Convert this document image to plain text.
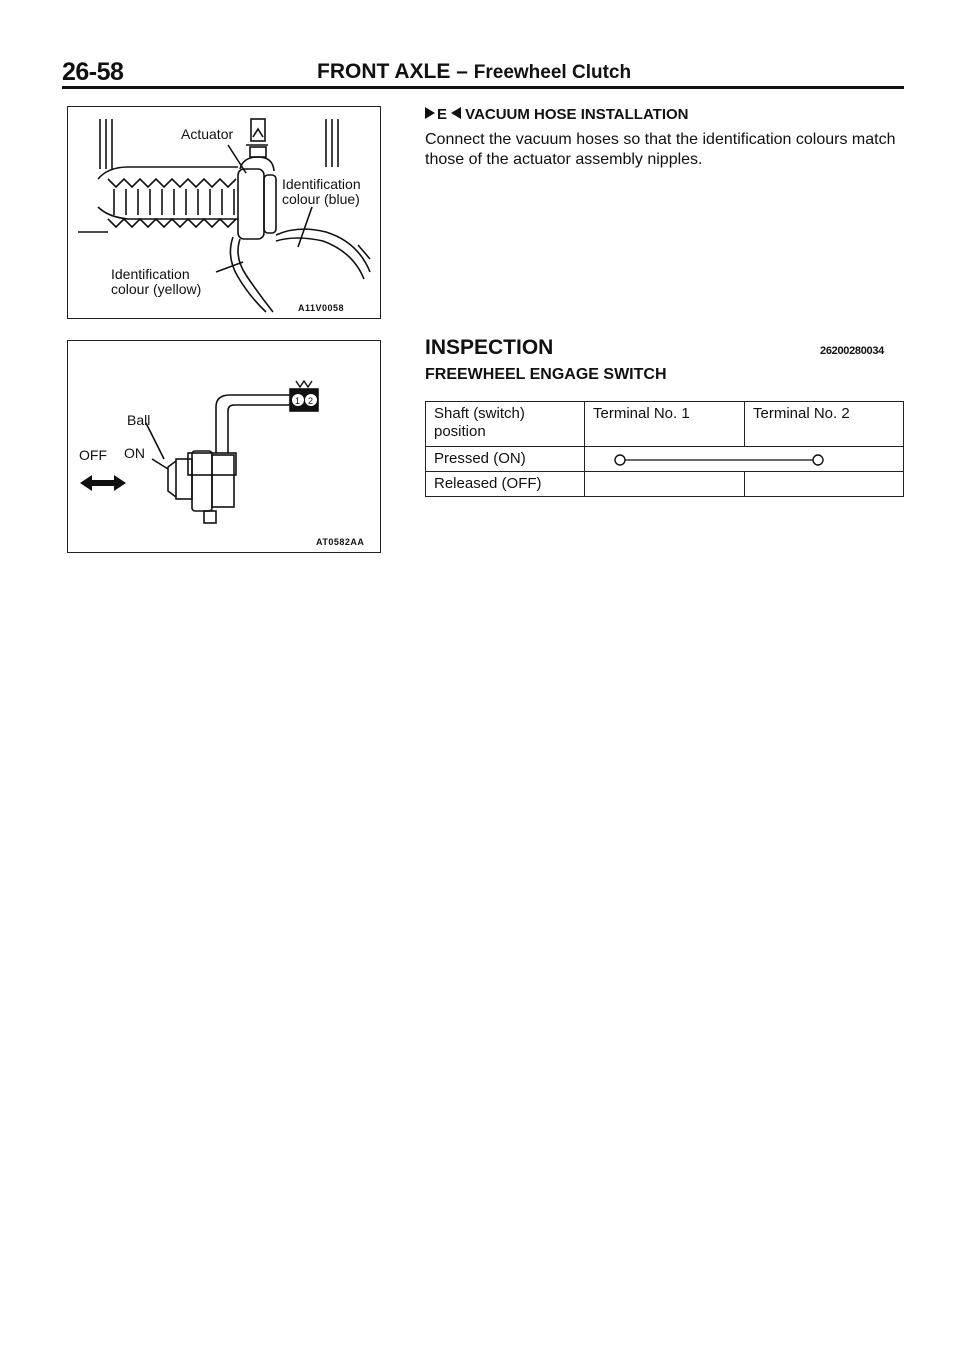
26-58	FRONT AXLE – Freewheel Clutch
Actuator
Identification
colour (blue)
Identification
colour (yellow)
A11V0058
1 2
Ball
OFF ON
AT0582AA

E VACUUM HOSE INSTALLATION
Connect the vacuum hoses so that the identification colours match those of the actuator assembly nipples.
INSPECTION	26200280034
FREEWHEEL ENGAGE SWITCH
Shaft (switch) position	Terminal No. 1	Terminal No. 2
Pressed (ON)	

Released (OFF)		
